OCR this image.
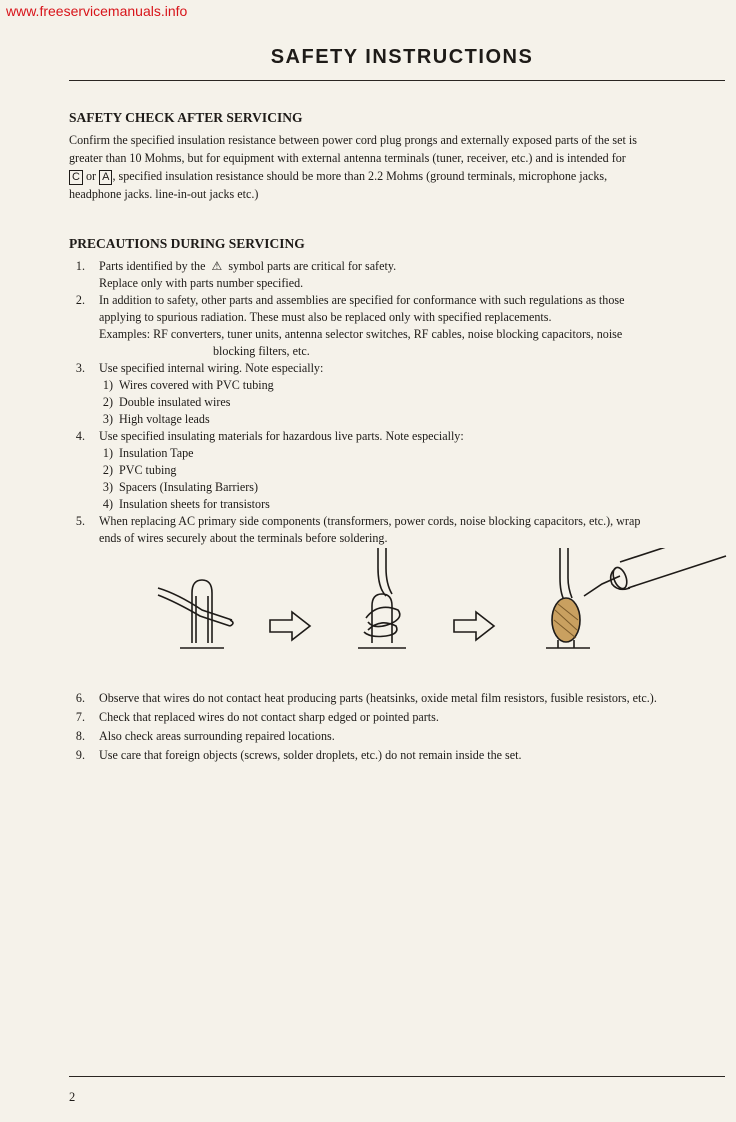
www.freeservicemanuals.info
SAFETY INSTRUCTIONS
SAFETY CHECK AFTER SERVICING
Confirm the specified insulation resistance between power cord plug prongs and externally exposed parts of the set is
greater than 10 Mohms, but for equipment with external antenna terminals (tuner, receiver, etc.) and is intended for
C or A , specified insulation resistance should be more than 2.2 Mohms (ground terminals, microphone jacks,
headphone jacks. line-in-out jacks etc.)
PRECAUTIONS DURING SERVICING
1. Parts identified by the ⚠ symbol parts are critical for safety.
Replace only with parts number specified.
2. In addition to safety, other parts and assemblies are specified for conformance with such regulations as those
applying to spurious radiation. These must also be replaced only with specified replacements.
Examples: RF converters, tuner units, antenna selector switches, RF cables, noise blocking capacitors, noise
blocking filters, etc.
3. Use specified internal wiring. Note especially:
1) Wires covered with PVC tubing
2) Double insulated wires
3) High voltage leads
4. Use specified insulating materials for hazardous live parts. Note especially:
1) Insulation Tape
2) PVC tubing
3) Spacers (Insulating Barriers)
4) Insulation sheets for transistors
5. When replacing AC primary side components (transformers, power cords, noise blocking capacitors, etc.), wrap
ends of wires securely about the terminals before soldering.
6. Observe that wires do not contact heat producing parts (heatsinks, oxide metal film resistors, fusible resistors, etc.).
7. Check that replaced wires do not contact sharp edged or pointed parts.
8. Also check areas surrounding repaired locations.
9. Use care that foreign objects (screws, solder droplets, etc.) do not remain inside the set.
2
